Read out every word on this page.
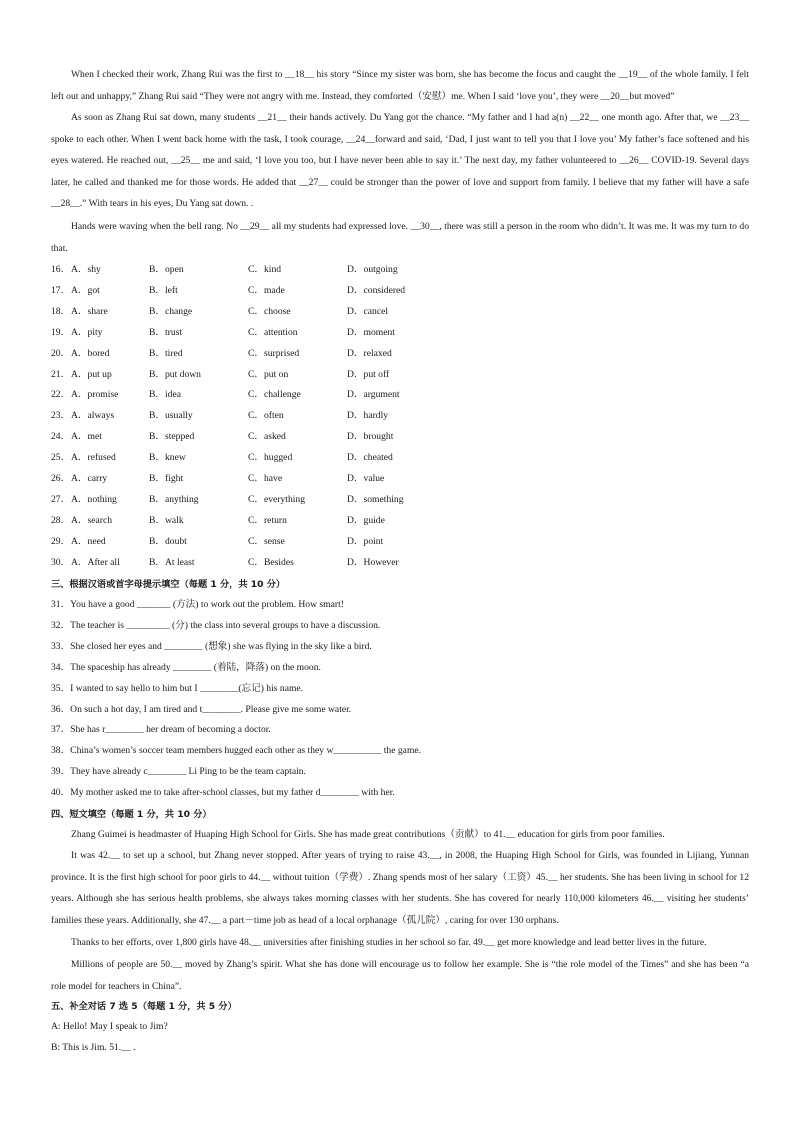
When I checked their work, Zhang Rui was the first to __18__ his story “Since my sister was born, she has become the focus and caught the __19__ of the whole family. I felt left out and unhappy,” Zhang Rui said “They were not angry with me. Instead, they comforted（安慰）me. When I said ‘love you’, they were __20__but moved”

As soon as Zhang Rui sat down, many students __21__ their hands actively. Du Yang got the chance. “My father and I had a(n) __22__ one month ago. After that, we __23__ spoke to each other. When I went back home with the task, I took courage, __24__forward and said, ‘Dad, I just want to tell you that I love you’ My father’s face softened and his eyes watered. He reached out, __25__ me and said, ‘I love you too, but I have never been able to say it.’ The next day, my father volunteered to __26__ COVID-19. Several days later, he called and thanked me for those words. He added that __27__ could be stronger than the power of love and support from family. I believe that my father will have a safe __28__.” With tears in his eyes, Du Yang sat down. .

Hands were waving when the bell rang. No __29__ all my students had expressed love. __30__, there was still a person in the room who didn’t. It was me. It was my turn to do that.

16． A．shy	B．open	C．kind	D．outgoing
17． A．got	B．left	C．made	D．considered
18． A．share	B．change	C．choose	D．cancel
19． A．pity	B．trust	C．attention	D．moment
20． A．bored	B．tired	C．surprised	D．relaxed
21． A．put up	B．put down	C．put on	D．put off
22． A．promise	B．idea	C．challenge	D．argument
23． A．always	B．usually	C．often	D．hardly
24． A．met	B．stepped	C．asked	D．brought
25． A．refused	B．knew	C．hugged	D．cheated
26． A．carry	B．fight	C．have	D．value
27． A．nothing	B．anything	C．everything	D．something
28． A．search	B．walk	C．return	D．guide
29． A．need	B．doubt	C．sense	D．point
30． A．After all	B．At least	C．Besides	D．However
三、根据汉语或首字母提示填空（每题 1 分，共 10 分）
31．You have a good _______ (方法) to work out the problem. How smart!
32．The teacher is _________ (分) the class into several groups to have a discussion.
33．She closed her eyes and ________ (想象) she was flying in the sky like a bird.
34．The spaceship has already ________ (着陆，降落) on the moon.
35．I wanted to say hello to him but I ________(忘记) his name.
36．On such a hot day, I am tired and t________. Please give me some water.
37．She has r________ her dream of becoming a doctor.
38．China’s women’s soccer team members hugged each other as they w__________ the game.
39．They have already c________ Li Ping to be the team captain.
40．My mother asked me to take after-school classes, but my father d________ with her.
四、短文填空（每题 1 分，共 10 分）

Zhang Guimei is headmaster of Huaping High School for Girls. She has made great contributions（贡献）to 41.__ education for girls from poor families.

It was 42.__ to set up a school, but Zhang never stopped. After years of trying to raise 43.__, in 2008, the Huaping High School for Girls, was founded in Lijiang, Yunnan province. It is the first high school for poor girls to 44.__ without tuition（学费）. Zhang spends most of her salary（工资）45.__ her students. She has been living in school for 12 years. Although she has serious health problems, she always takes morning classes with her students. She has covered for nearly 110,000 kilometers 46.__ visiting her students’ families these years. Additionally, she 47.__ a part－time job as head of a local orphanage（孤儿院）, caring for over 130 orphans.

Thanks to her efforts, over 1,800 girls have 48.__ universities after finishing studies in her school so far. 49.__ get more knowledge and lead better lives in the future.

Millions of people are 50.__ moved by Zhang’s spirit. What she has done will encourage us to follow her example. She is “the role model of the Times” and she has been “a role model for teachers in China”.

五、补全对话 7 选 5（每题 1 分，共 5 分）
A: Hello! May I speak to Jim?
B: This is Jim. 51.__ .
